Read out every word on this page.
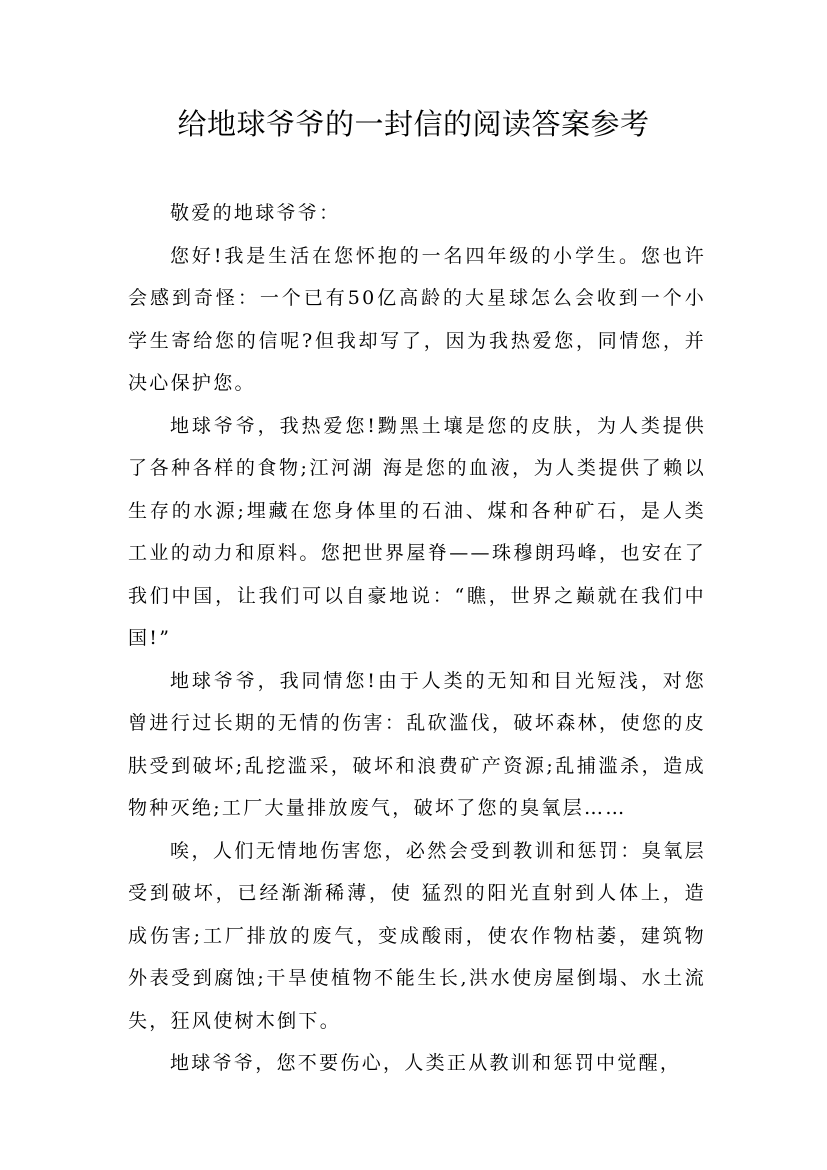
给地球爷爷的一封信的阅读答案参考

敬爱的地球爷爷：

您好!我是生活在您怀抱的一名四年级的小学生。您也许会感到奇怪：一个已有50亿高龄的大星球怎么会收到一个小学生寄给您的信呢?但我却写了，因为我热爱您，同情您，并决心保护您。

地球爷爷，我热爱您!黝黑土壤是您的皮肤，为人类提供了各种各样的食物;江河湖 海是您的血液，为人类提供了赖以生存的水源;埋藏在您身体里的石油、煤和各种矿石，是人类工业的动力和原料。您把世界屋脊——珠穆朗玛峰，也安在了我们中国，让我们可以自豪地说：“瞧，世界之巅就在我们中国!”

地球爷爷，我同情您!由于人类的无知和目光短浅，对您曾进行过长期的无情的伤害：乱砍滥伐，破坏森林，使您的皮肤受到破坏;乱挖滥采，破坏和浪费矿产资源;乱捕滥杀，造成物种灭绝;工厂大量排放废气，破坏了您的臭氧层……

唉，人们无情地伤害您，必然会受到教训和惩罚：臭氧层受到破坏，已经渐渐稀薄，使 猛烈的阳光直射到人体上，造成伤害;工厂排放的废气，变成酸雨，使农作物枯萎，建筑物 外表受到腐蚀;干旱使植物不能生长,洪水使房屋倒塌、水土流失，狂风使树木倒下。

地球爷爷，您不要伤心，人类正从教训和惩罚中觉醒，
